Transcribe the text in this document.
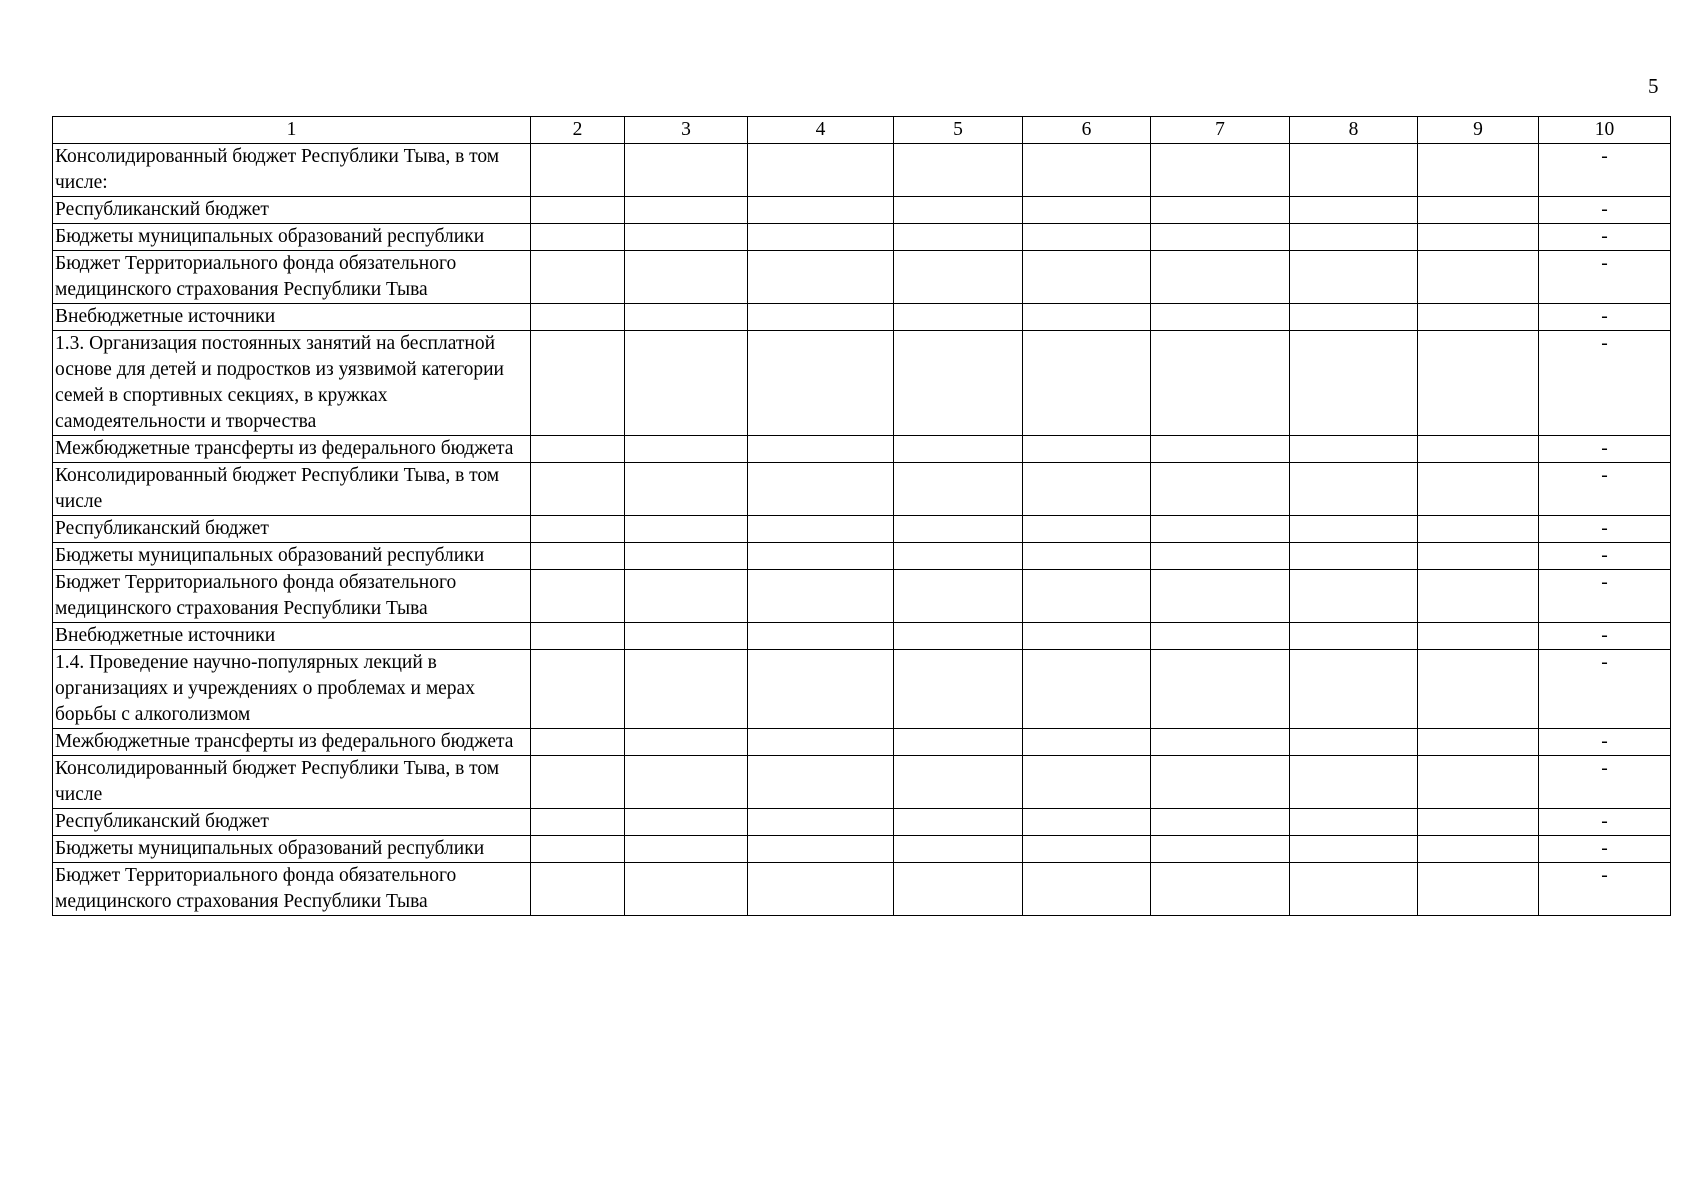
5
1	2	3	4	5	6	7	8	9	10
Консолидированный бюджет Республики Тыва, в том числе:									-
Республиканский бюджет									-
Бюджеты муниципальных образований республики									-
Бюджет Территориального фонда обязательного медицинского страхования Республики Тыва									-
Внебюджетные источники									-
1.3. Организация постоянных занятий на бесплатной основе для детей и подростков из уязвимой категории семей в спортивных секциях, в кружках самодеятельности и творчества									-
Межбюджетные трансферты из федерального бюджета									-
Консолидированный бюджет Республики Тыва, в том числе									-
Республиканский бюджет									-
Бюджеты муниципальных образований республики									-
Бюджет Территориального фонда обязательного медицинского страхования Республики Тыва									-
Внебюджетные источники									-
1.4. Проведение научно-популярных лекций в организациях и учреждениях о проблемах и мерах борьбы с алкоголизмом									-
Межбюджетные трансферты из федерального бюджета									-
Консолидированный бюджет Республики Тыва, в том числе									-
Республиканский бюджет									-
Бюджеты муниципальных образований республики									-
Бюджет Территориального фонда обязательного медицинского страхования Республики Тыва									-
